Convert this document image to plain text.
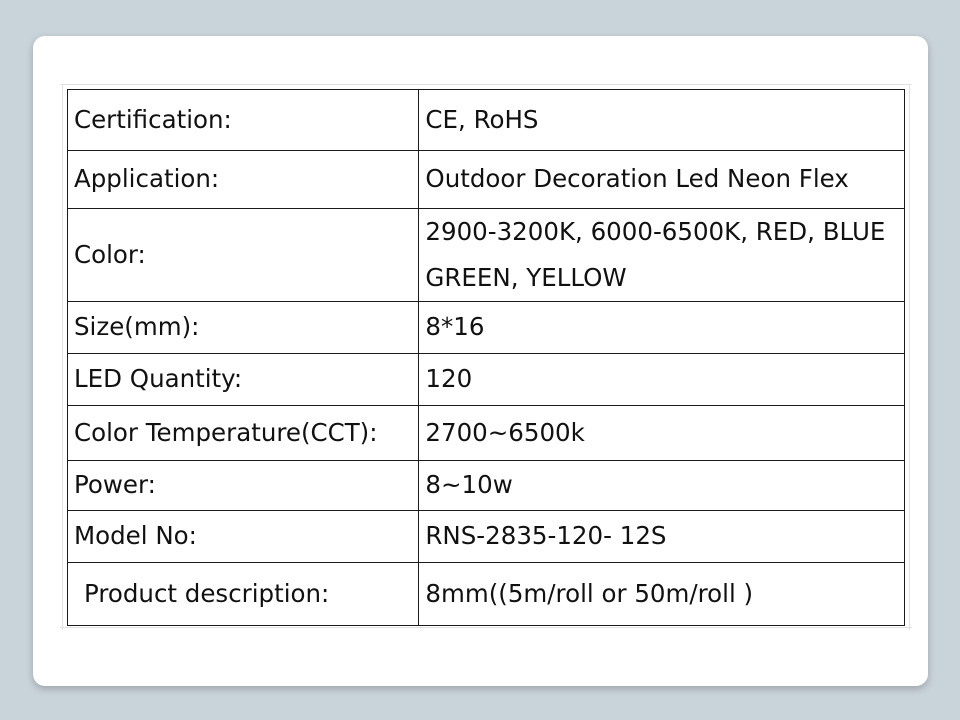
Certification:	CE, RoHS
Application:	Outdoor Decoration Led Neon Flex
Color:	2900-3200K, 6000-6500K, RED, BLUE
GREEN, YELLOW

Size(mm):	8*16
LED Quantity:	120
Color Temperature(CCT):	2700~6500k
Power:	8~10w
Model No:	RNS-2835-120- 12S
Product description:	8mm((5m/roll or 50m/roll )
